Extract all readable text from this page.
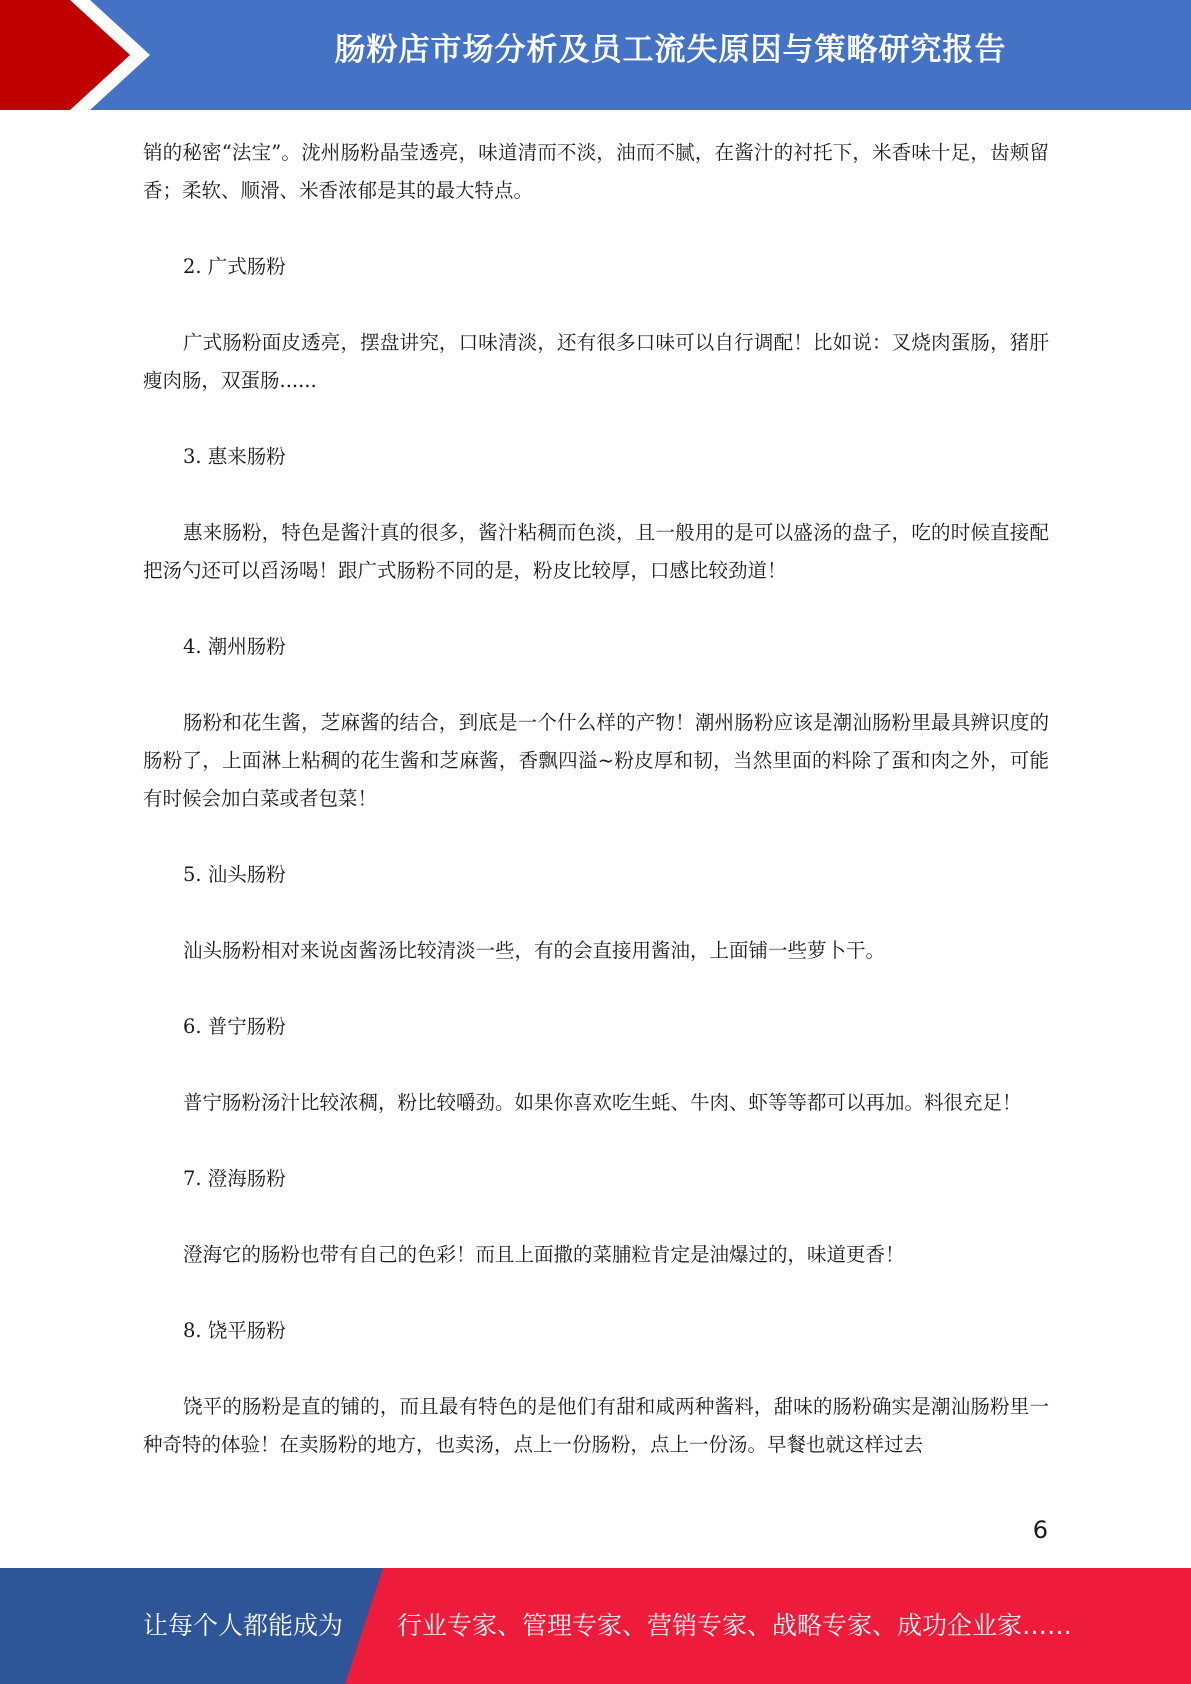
肠粉店市场分析及员工流失原因与策略研究报告

销的秘密“法宝”。泷州肠粉晶莹透亮，味道清而不淡，油而不腻，在酱汁的衬托下，米香味十足，齿颊留香；柔软、顺滑、米香浓郁是其的最大特点。

2. 广式肠粉

广式肠粉面皮透亮，摆盘讲究，口味清淡，还有很多口味可以自行调配！比如说：叉烧肉蛋肠，猪肝瘦肉肠，双蛋肠......

3. 惠来肠粉

惠来肠粉，特色是酱汁真的很多，酱汁粘稠而色淡，且一般用的是可以盛汤的盘子，吃的时候直接配把汤勺还可以舀汤喝！跟广式肠粉不同的是，粉皮比较厚，口感比较劲道！

4. 潮州肠粉

肠粉和花生酱，芝麻酱的结合，到底是一个什么样的产物！潮州肠粉应该是潮汕肠粉里最具辨识度的肠粉了，上面淋上粘稠的花生酱和芝麻酱，香飘四溢~粉皮厚和韧，当然里面的料除了蛋和肉之外，可能有时候会加白菜或者包菜！

5. 汕头肠粉

汕头肠粉相对来说卤酱汤比较清淡一些，有的会直接用酱油，上面铺一些萝卜干。

6. 普宁肠粉

普宁肠粉汤汁比较浓稠，粉比较嚼劲。如果你喜欢吃生蚝、牛肉、虾等等都可以再加。料很充足！

7. 澄海肠粉

澄海它的肠粉也带有自己的色彩！而且上面撒的菜脯粒肯定是油爆过的，味道更香！

8. 饶平肠粉

饶平的肠粉是直的铺的，而且最有特色的是他们有甜和咸两种酱料，甜味的肠粉确实是潮汕肠粉里一种奇特的体验！在卖肠粉的地方，也卖汤，点上一份肠粉，点上一份汤。早餐也就这样过去

6
让每个人都能成为 行业专家、管理专家、营销专家、战略专家、成功企业家……
